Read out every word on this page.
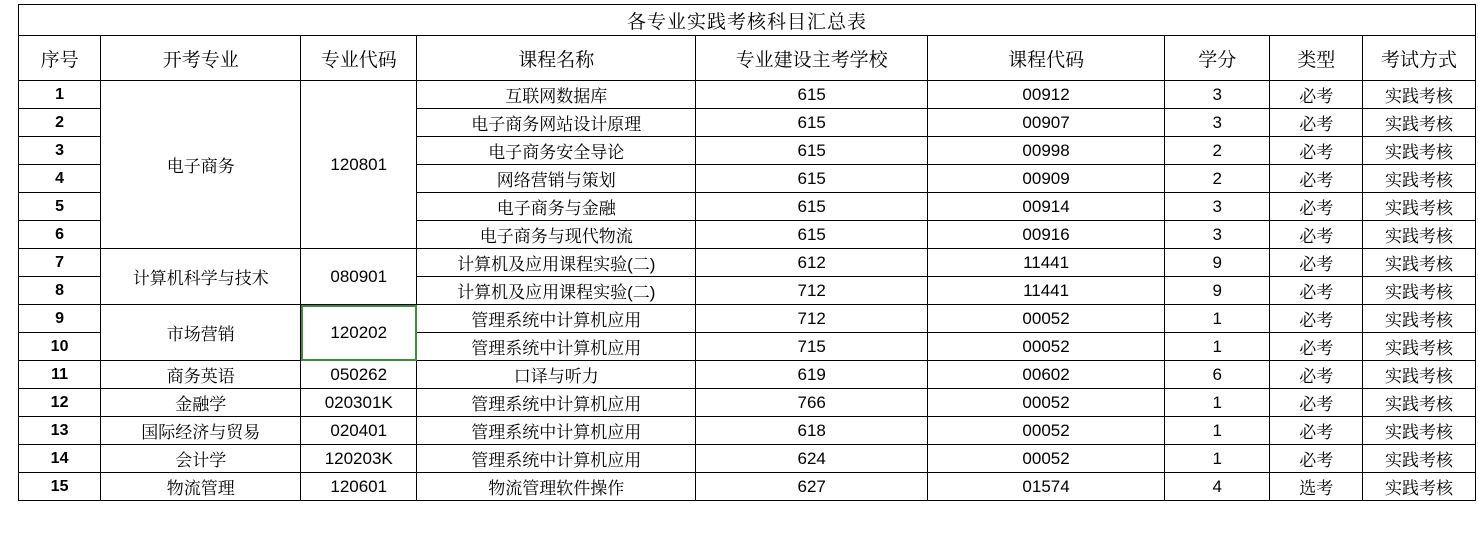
各专业实践考核科目汇总表								
序号	开考专业	专业代码	课程名称	专业建设主考学校	课程代码	学分	类型	考试方式
1	电子商务	120801	互联网数据库	615	00912	3	必考	实践考核
2			电子商务网站设计原理	615	00907	3	必考	实践考核
3			电子商务安全导论	615	00998	2	必考	实践考核
4			网络营销与策划	615	00909	2	必考	实践考核
5			电子商务与金融	615	00914	3	必考	实践考核
6			电子商务与现代物流	615	00916	3	必考	实践考核
7	计算机科学与技术	080901	计算机及应用课程实验(二)	612	11441	9	必考	实践考核
8			计算机及应用课程实验(二)	712	11441	9	必考	实践考核
9	市场营销	120202	管理系统中计算机应用	712	00052	1	必考	实践考核
10			管理系统中计算机应用	715	00052	1	必考	实践考核
11	商务英语	050262	口译与听力	619	00602	6	必考	实践考核
12	金融学	020301K	管理系统中计算机应用	766	00052	1	必考	实践考核
13	国际经济与贸易	020401	管理系统中计算机应用	618	00052	1	必考	实践考核
14	会计学	120203K	管理系统中计算机应用	624	00052	1	必考	实践考核
15	物流管理	120601	物流管理软件操作	627	01574	4	选考	实践考核
